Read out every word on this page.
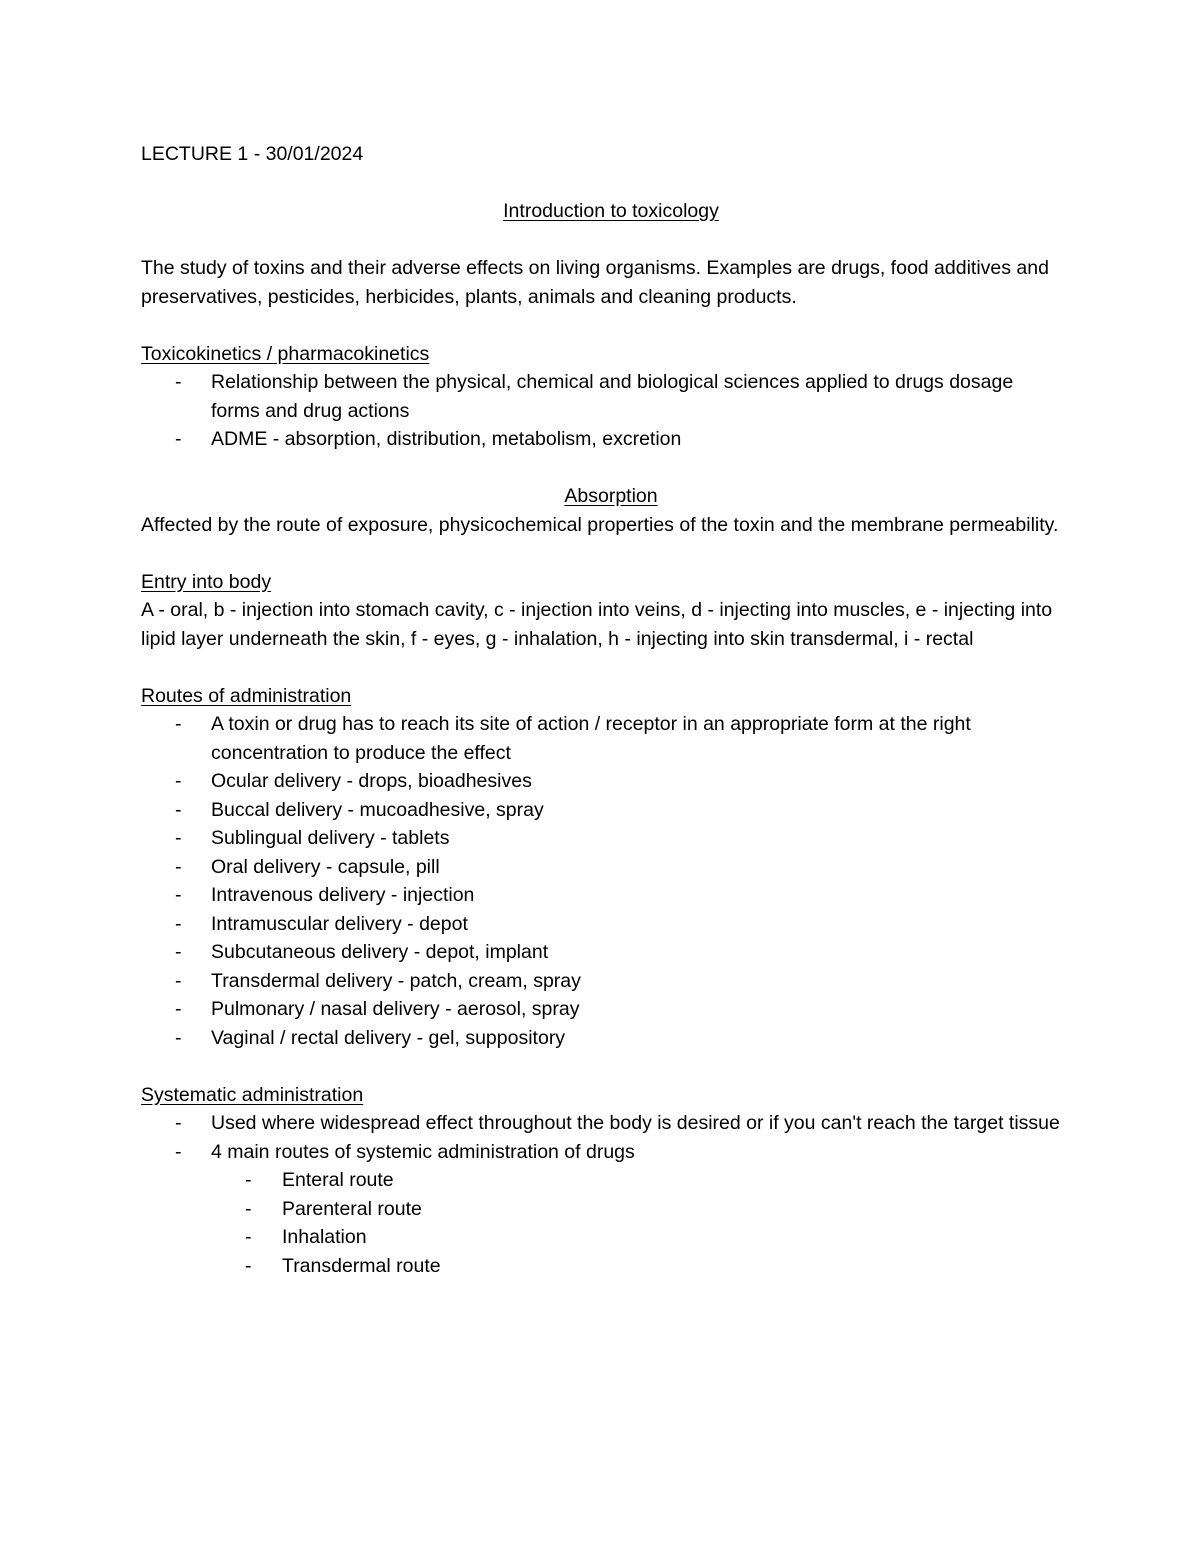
LECTURE 1 - 30/01/2024

Introduction to toxicology

The study of toxins and their adverse effects on living organisms. Examples are drugs, food additives and preservatives, pesticides, herbicides, plants, animals and cleaning products.

Toxicokinetics / pharmacokinetics

- Relationship between the physical, chemical and biological sciences applied to drugs dosage forms and drug actions
- ADME - absorption, distribution, metabolism, excretion

Absorption

Affected by the route of exposure, physicochemical properties of the toxin and the membrane permeability.

Entry into body

A - oral, b - injection into stomach cavity, c - injection into veins, d - injecting into muscles, e - injecting into lipid layer underneath the skin, f - eyes, g - inhalation, h - injecting into skin transdermal, i - rectal

Routes of administration

- A toxin or drug has to reach its site of action / receptor in an appropriate form at the right concentration to produce the effect
- Ocular delivery - drops, bioadhesives
- Buccal delivery - mucoadhesive, spray
- Sublingual delivery - tablets
- Oral delivery - capsule, pill
- Intravenous delivery - injection
- Intramuscular delivery - depot
- Subcutaneous delivery - depot, implant
- Transdermal delivery - patch, cream, spray
- Pulmonary / nasal delivery - aerosol, spray
- Vaginal / rectal delivery - gel, suppository

Systematic administration

- Used where widespread effect throughout the body is desired or if you can't reach the target tissue
- 4 main routes of systemic administration of drugs
- Enteral route
- Parenteral route
- Inhalation
- Transdermal route
